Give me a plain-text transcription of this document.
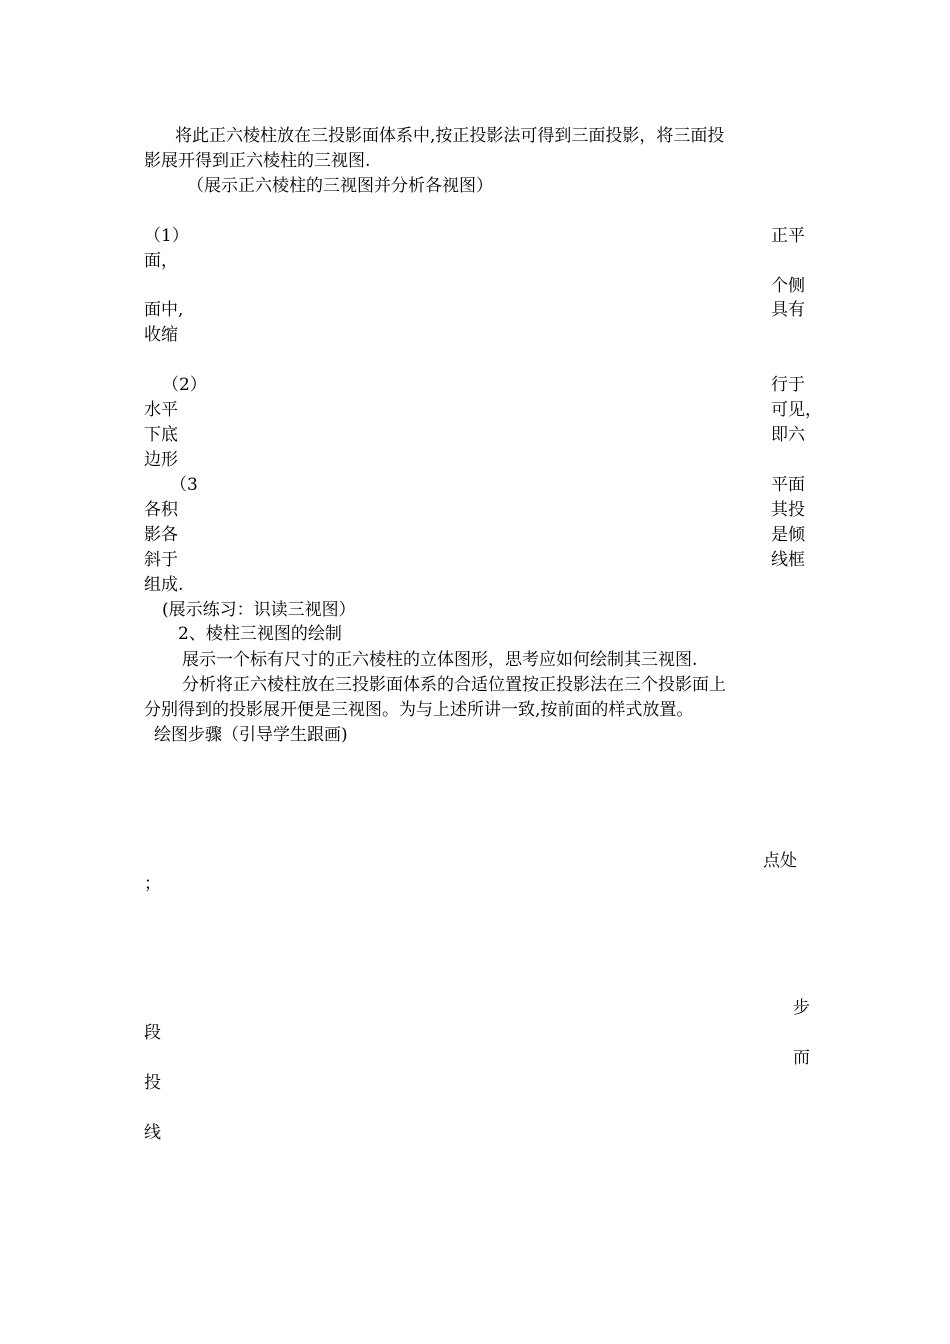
将此正六棱柱放在三投影面体系中,按正投影法可得到三面投影，将三面投
影展开得到正六棱柱的三视图.
（展示正六棱柱的三视图并分析各视图）
（1）	正平
面，
个侧
面中,	具有
收缩
（2）	行于
水平	可见，
下底	即六
边形
（3	平面
各积	其投
影各	是倾
斜于	线框
组成.
(展示练习：识读三视图）
2、棱柱三视图的绘制
展示一个标有尺寸的正六棱柱的立体图形，思考应如何绘制其三视图.
分析将正六棱柱放在三投影面体系的合适位置按正投影法在三个投影面上
分别得到的投影展开便是三视图。为与上述所讲一致,按前面的样式放置。
绘图步骤（引导学生跟画)
点处
；
步
段
而
投
线
